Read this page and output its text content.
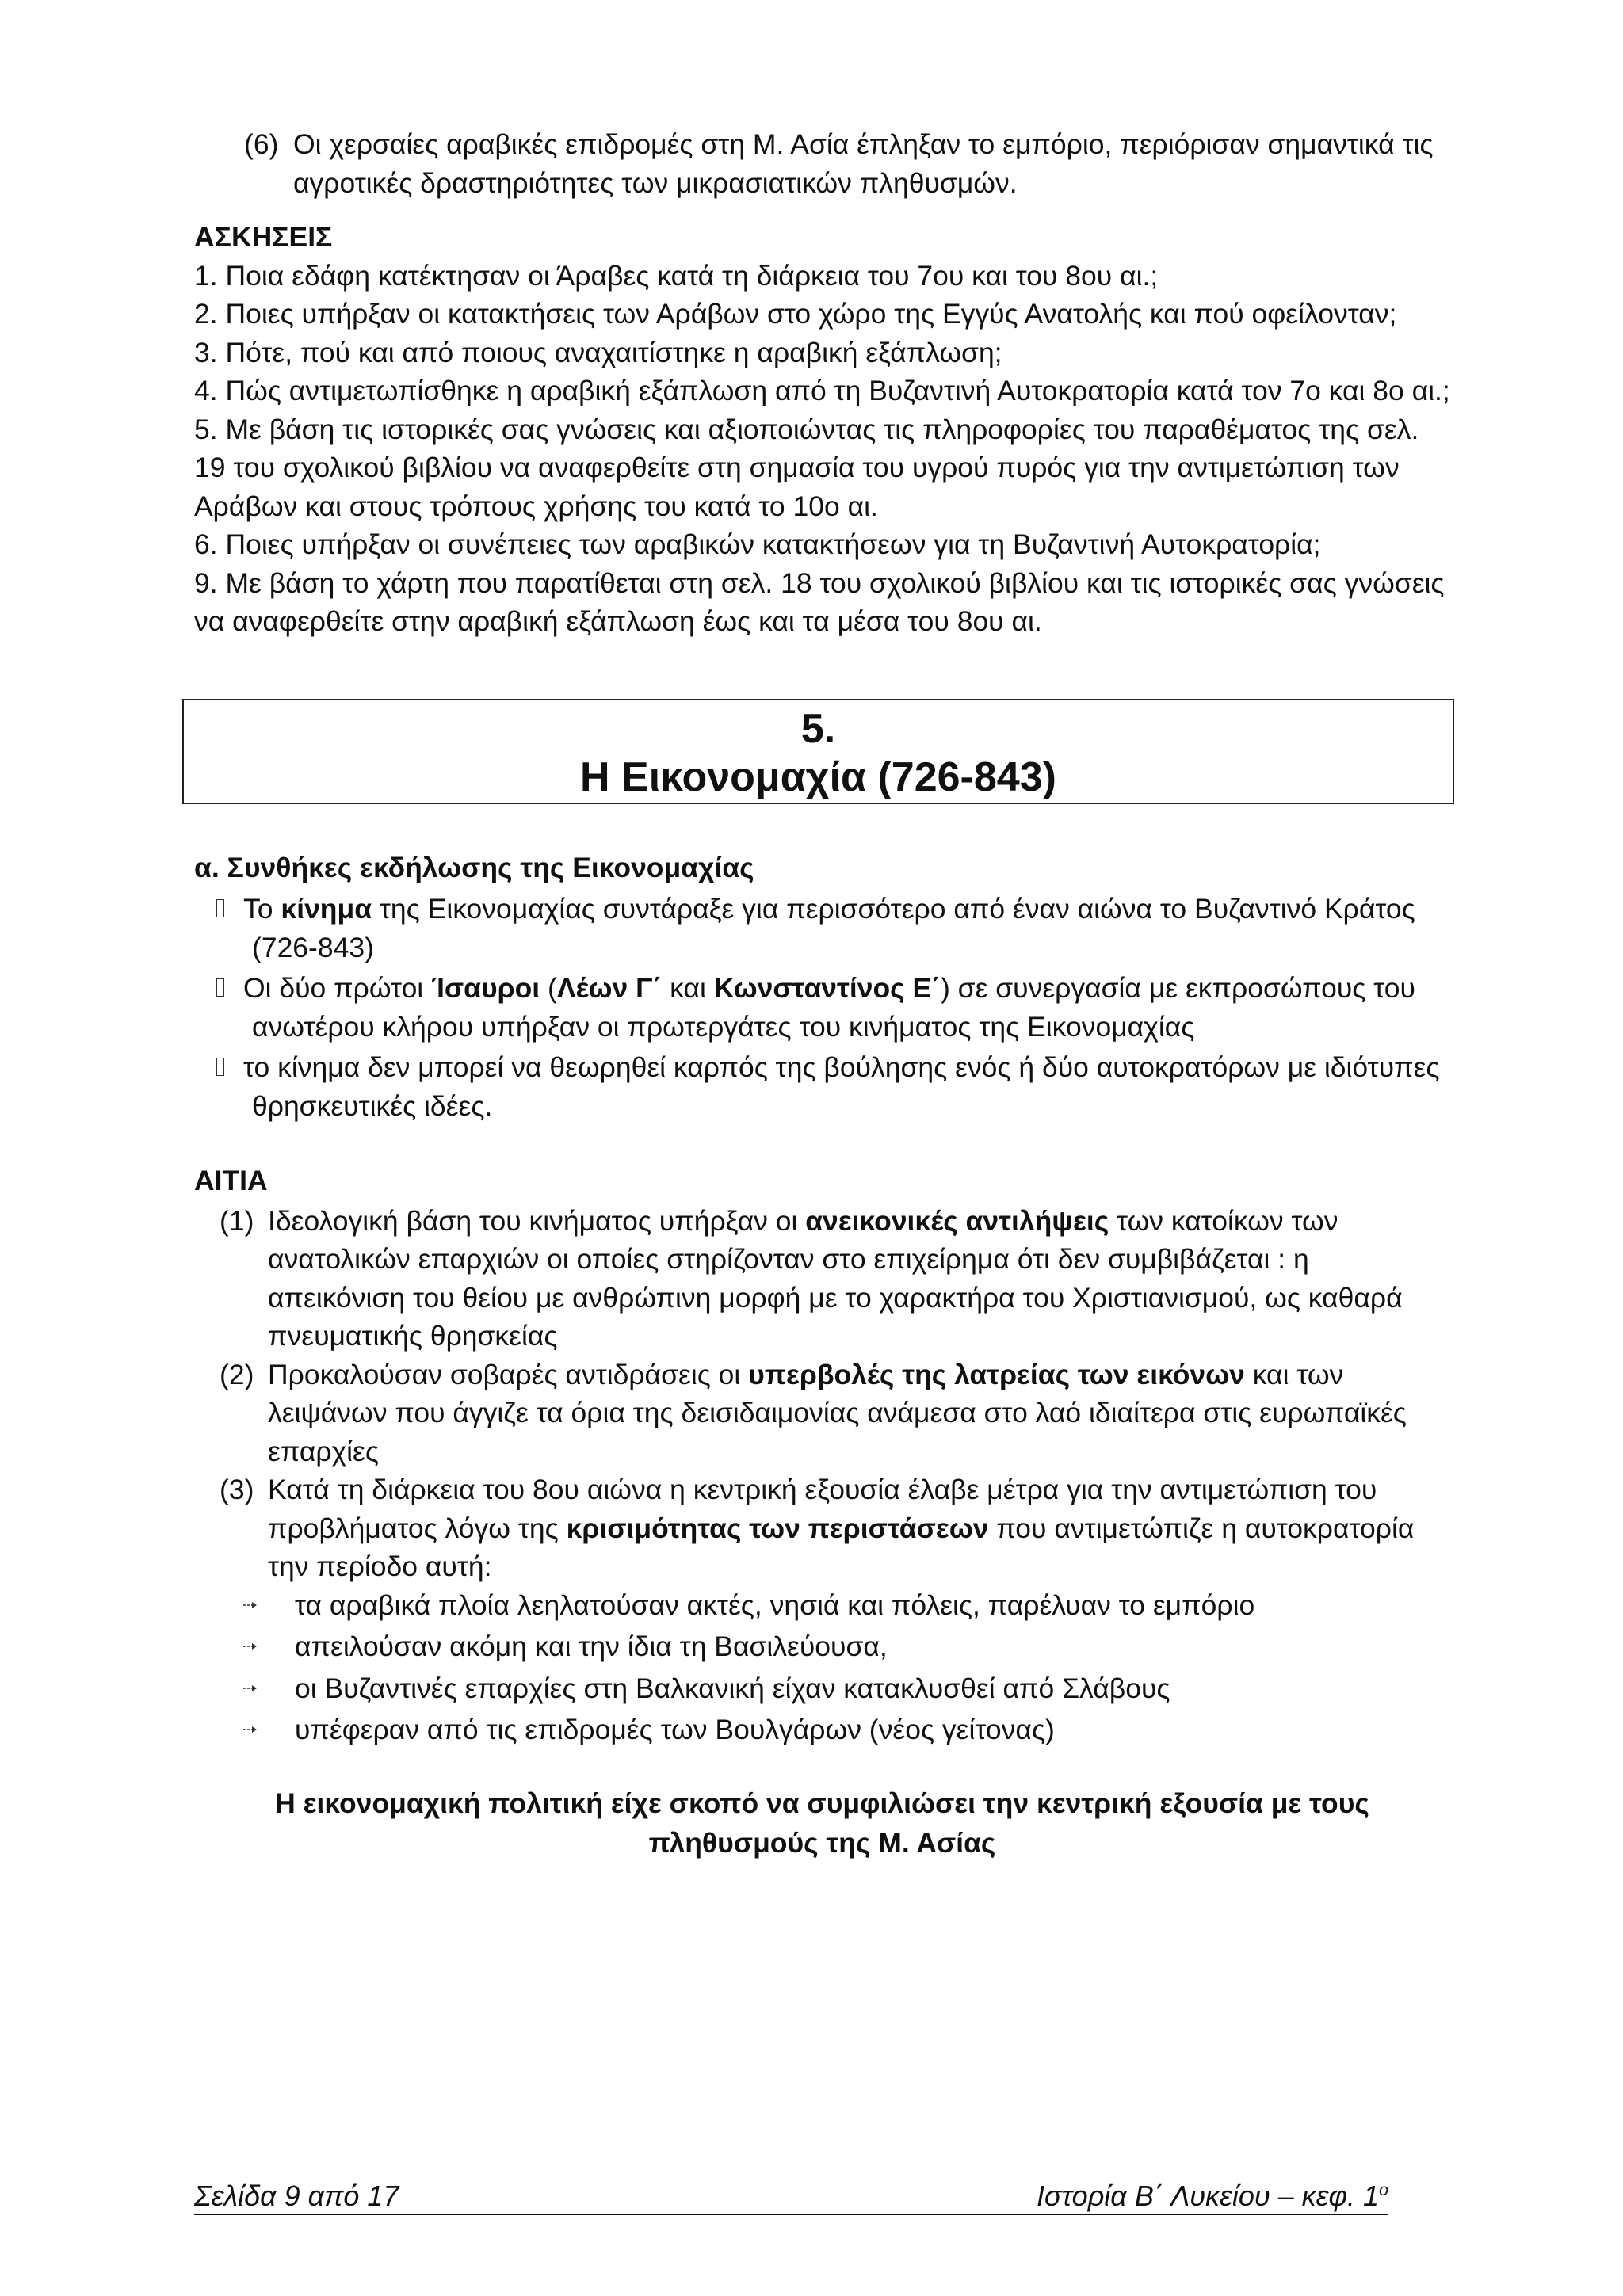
(6) Οι χερσαίες αραβικές επιδρομές στη Μ. Ασία έπληξαν το εμπόριο, περιόρισαν σημαντικά τις αγροτικές δραστηριότητες των μικρασιατικών πληθυσμών.
ΑΣΚΗΣΕΙΣ
1. Ποια εδάφη κατέκτησαν οι Άραβες κατά τη διάρκεια του 7ου και του 8ου αι.;
2. Ποιες υπήρξαν οι κατακτήσεις των Αράβων στο χώρο της Εγγύς Ανατολής και πού οφείλονταν;
3. Πότε, πού και από ποιους αναχαιτίστηκε η αραβική εξάπλωση;
4. Πώς αντιμετωπίσθηκε η αραβική εξάπλωση από τη Βυζαντινή Αυτοκρατορία κατά τον 7ο και 8ο αι.;
5. Με βάση τις ιστορικές σας γνώσεις και αξιοποιώντας τις πληροφορίες του παραθέματος της σελ. 19 του σχολικού βιβλίου να αναφερθείτε στη σημασία του υγρού πυρός για την αντιμετώπιση των Αράβων και στους τρόπους χρήσης του κατά το 10ο αι.
6. Ποιες υπήρξαν οι συνέπειες των αραβικών κατακτήσεων για τη Βυζαντινή Αυτοκρατορία;
9. Με βάση το χάρτη που παρατίθεται στη σελ. 18 του σχολικού βιβλίου και τις ιστορικές σας γνώσεις να αναφερθείτε στην αραβική εξάπλωση έως και τα μέσα του 8ου αι.
5.
Η Εικονομαχία (726-843)
α. Συνθήκες εκδήλωσης της Εικονομαχίας
Το κίνημα της Εικονομαχίας συντάραξε για περισσότερο από έναν αιώνα το Βυζαντινό Κράτος (726-843)
Οι δύο πρώτοι Ίσαυροι (Λέων Γ΄ και Κωνσταντίνος Ε΄) σε συνεργασία με εκπροσώπους του ανωτέρου κλήρου υπήρξαν οι πρωτεργάτες του κινήματος της Εικονομαχίας
το κίνημα δεν μπορεί να θεωρηθεί καρπός της βούλησης ενός ή δύο αυτοκρατόρων με ιδιότυπες θρησκευτικές ιδέες.
ΑΙΤΙΑ
(1) Ιδεολογική βάση του κινήματος υπήρξαν οι ανεικονικές αντιλήψεις των κατοίκων των ανατολικών επαρχιών οι οποίες στηρίζονταν στο επιχείρημα ότι δεν συμβιβάζεται : η απεικόνιση του θείου με ανθρώπινη μορφή με το χαρακτήρα του Χριστιανισμού, ως καθαρά πνευματικής θρησκείας
(2) Προκαλούσαν σοβαρές αντιδράσεις οι υπερβολές της λατρείας των εικόνων και των λειψάνων που άγγιζε τα όρια της δεισιδαιμονίας ανάμεσα στο λαό ιδιαίτερα στις ευρωπαϊκές επαρχίες
(3) Κατά τη διάρκεια του 8ου αιώνα η κεντρική εξουσία έλαβε μέτρα για την αντιμετώπιση του προβλήματος λόγω της κρισιμότητας των περιστάσεων που αντιμετώπιζε η αυτοκρατορία την περίοδο αυτή:
τα αραβικά πλοία λεηλατούσαν ακτές, νησιά και πόλεις, παρέλυαν το εμπόριο
απειλούσαν ακόμη και την ίδια τη Βασιλεύουσα,
οι Βυζαντινές επαρχίες στη Βαλκανική είχαν κατακλυσθεί από Σλάβους
υπέφεραν από τις επιδρομές των Βουλγάρων (νέος γείτονας)
Η εικονομαχική πολιτική είχε σκοπό να συμφιλιώσει την κεντρική εξουσία με τους πληθυσμούς της Μ. Ασίας
Σελίδα 9 από 17	Ιστορία Β΄ Λυκείου – κεφ. $1^o$
